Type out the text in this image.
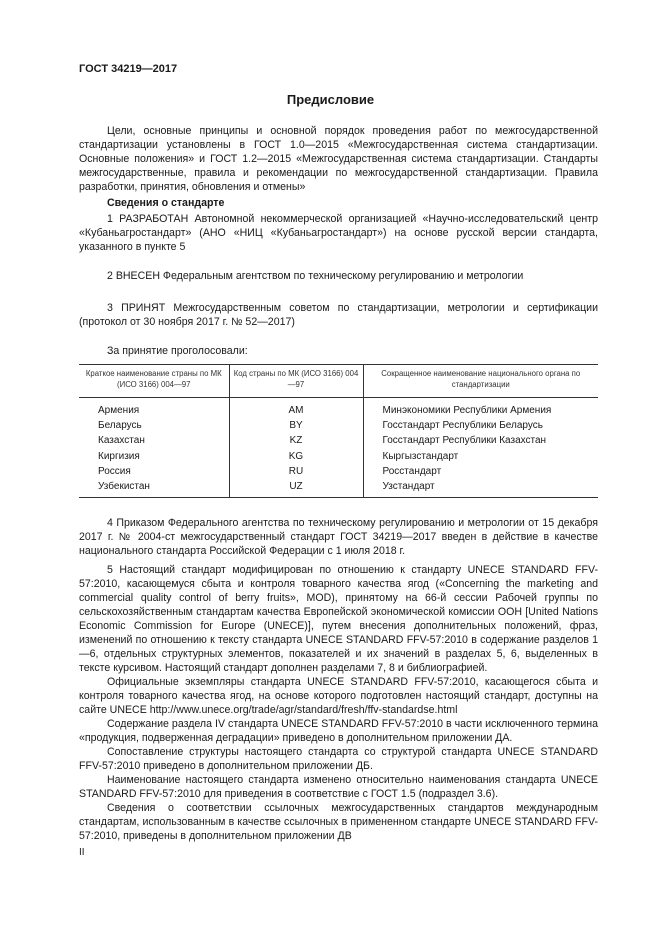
ГОСТ 34219—2017
Предисловие

Цели, основные принципы и основной порядок проведения работ по межгосударственной стандартизации установлены в ГОСТ 1.0—2015 «Межгосударственная система стандартизации. Основные положения» и ГОСТ 1.2—2015 «Межгосударственная система стандартизации. Стандарты межгосударственные, правила и рекомендации по межгосударственной стандартизации. Правила разработки, принятия, обновления и отмены»

Сведения о стандарте

1 РАЗРАБОТАН Автономной некоммерческой организацией «Научно-исследовательский центр «Кубаньагростандарт» (АНО «НИЦ «Кубаньагростандарт») на основе русской версии стандарта, указанного в пункте 5

2 ВНЕСЕН Федеральным агентством по техническому регулированию и метрологии

3 ПРИНЯТ Межгосударственным советом по стандартизации, метрологии и сертификации (протокол от 30 ноября 2017 г. № 52—2017)

За принятие проголосовали:

Краткое наименование страны по МК (ИСО 3166) 004—97	Код страны по МК (ИСО 3166) 004—97	Сокращенное наименование национального органа по стандартизации
Армения	AM	Минэкономики Республики Армения
Беларусь	BY	Госстандарт Республики Беларусь
Казахстан	KZ	Госстандарт Республики Казахстан
Киргизия	KG	Кыргызстандарт
Россия	RU	Росстандарт
Узбекистан	UZ	Узстандарт

4 Приказом Федерального агентства по техническому регулированию и метрологии от 15 декабря 2017 г. № 2004-ст межгосударственный стандарт ГОСТ 34219—2017 введен в действие в качестве национального стандарта Российской Федерации с 1 июля 2018 г.

5 Настоящий стандарт модифицирован по отношению к стандарту UNECE STANDARD FFV-57:2010, касающемуся сбыта и контроля товарного качества ягод («Concerning the marketing and commercial quality control of berry fruits», MOD), принятому на 66-й сессии Рабочей группы по сельскохозяйственным стандартам качества Европейской экономической комиссии ООН [United Nations Economic Commission for Europe (UNECE)], путем внесения дополнительных положений, фраз, изменений по отношению к тексту стандарта UNECE STANDARD FFV-57:2010 в содержание разделов 1—6, отдельных структурных элементов, показателей и их значений в разделах 5, 6, выделенных в тексте курсивом. Настоящий стандарт дополнен разделами 7, 8 и библиографией.

Официальные экземпляры стандарта UNECE STANDARD FFV-57:2010, касающегося сбыта и контроля товарного качества ягод, на основе которого подготовлен настоящий стандарт, доступны на сайте UNECE http://www.unece.org/trade/agr/standard/fresh/ffv-standardse.html

Содержание раздела IV стандарта UNECE STANDARD FFV-57:2010 в части исключенного термина «продукция, подверженная деградации» приведено в дополнительном приложении ДА.

Сопоставление структуры настоящего стандарта со структурой стандарта UNECE STANDARD FFV-57:2010 приведено в дополнительном приложении ДБ.

Наименование настоящего стандарта изменено относительно наименования стандарта UNECE STANDARD FFV-57:2010 для приведения в соответствие с ГОСТ 1.5 (подраздел 3.6).

Сведения о соответствии ссылочных межгосударственных стандартов международным стандартам, использованным в качестве ссылочных в примененном стандарте UNECE STANDARD FFV-57:2010, приведены в дополнительном приложении ДВ

II
